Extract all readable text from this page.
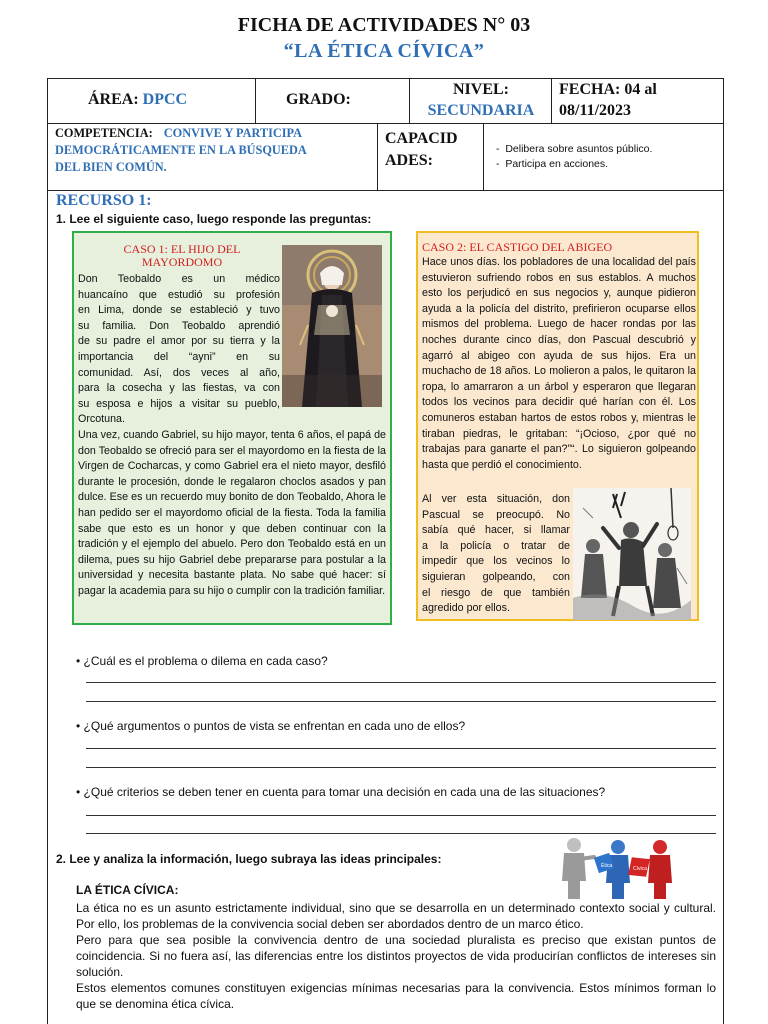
FICHA DE ACTIVIDADES N° 03
“LA ÉTICA CÍVICA”
ÁREA: DPCC	GRADO:
NIVEL:
SECUNDARIA
FECHA: 04 al
08/11/2023
COMPETENCIA: CONVIVE Y PARTICIPA
DEMOCRÁTICAMENTE EN LA BÚSQUEDA
DEL BIEN COMÚN.
CAPACID
ADES:
-  Delibera sobre asuntos público.
-  Participa en acciones.
RECURSO 1:
1. Lee el siguiente caso, luego responde las preguntas:
CASO 1: EL HIJO DEL
MAYORDOMO
Don Teobaldo es un médico
huancaíno que estudió su profesión
en Lima, donde se estableció y tuvo
su familia. Don Teobaldo aprendió
de su padre el amor por su tierra y la
importancia del “ayni” en su
comunidad. Así, dos veces al año,
para la cosecha y las fiestas, va con
su esposa e hijos a visitar su pueblo,
Orcotuna.
Una vez, cuando Gabriel, su hijo mayor, tenta 6 años, el papá de don Teobaldo se ofreció para ser el mayordomo en la fiesta de la Virgen de Cocharcas, y como Gabriel era el nieto mayor, desfiló durante le procesión, donde le regalaron choclos asados y pan dulce. Ese es un recuerdo muy bonito de don Teobaldo, Ahora le han pedido ser el mayordomo oficial de la fiesta. Toda la familia sabe que esto es un honor y que deben continuar con la tradición y el ejemplo del abuelo. Pero don Teobaldo está en un dilema, pues su hijo Gabriel debe prepararse para postular a la universidad y necesita bastante plata. No sabe qué hacer: sí pagar la academia para su hijo o cumplir con la tradición familiar.
CASO 2: EL CASTIGO DEL ABIGEO
Hace unos días. los pobladores de una localidad del país estuvieron sufriendo robos en sus establos. A muchos esto los perjudicó en sus negocios y, aunque pidieron ayuda a la policía del distrito, prefirieron ocuparse ellos mismos del problema. Luego de hacer rondas por las noches durante cinco días, don Pascual descubrió y agarró al abigeo con ayuda de sus hijos. Era un muchacho de 18 años. Lo molieron a palos, le quitaron la ropa, lo amarraron a un árbol y esperaron que llegaran todos los vecinos para decidir qué harían con él. Los comuneros estaban hartos de estos robos y, mientras le tiraban piedras, le gritaban: “¡Ocioso, ¿por qué no trabajas para ganarte el pan?”“. Lo siguieron golpeando hasta que perdió el conocimiento.
Al ver esta situación, don
Pascual se preocupó. No
sabía qué hacer, si llamar
a la policía o tratar de
impedir que los vecinos lo
siguieran golpeando, con
el riesgo de que también
agredido por ellos.
• ¿Cuál es el problema o dilema en cada caso?
• ¿Qué argumentos o puntos de vista se enfrentan en cada uno de ellos?
• ¿Qué criterios se deben tener en cuenta para tomar una decisión en cada una de las situaciones?
2. Lee y analiza la información, luego subraya las ideas principales:	Ética	Cívica
LA ÉTICA CÍVICA:
La ética no es un asunto estrictamente individual, sino que se desarrolla en un determinado contexto social y cultural. Por ello, los problemas de la convivencia social deben ser abordados dentro de un marco ético.
Pero para que sea posible la convivencia dentro de una sociedad pluralista es preciso que existan puntos de coincidencia. Si no fuera así, las diferencias entre los distintos proyectos de vida producirían conflictos de intereses sin solución.
Estos elementos comunes constituyen exigencias mínimas necesarias para la convivencia. Estos mínimos forman lo que se denomina ética cívica.
